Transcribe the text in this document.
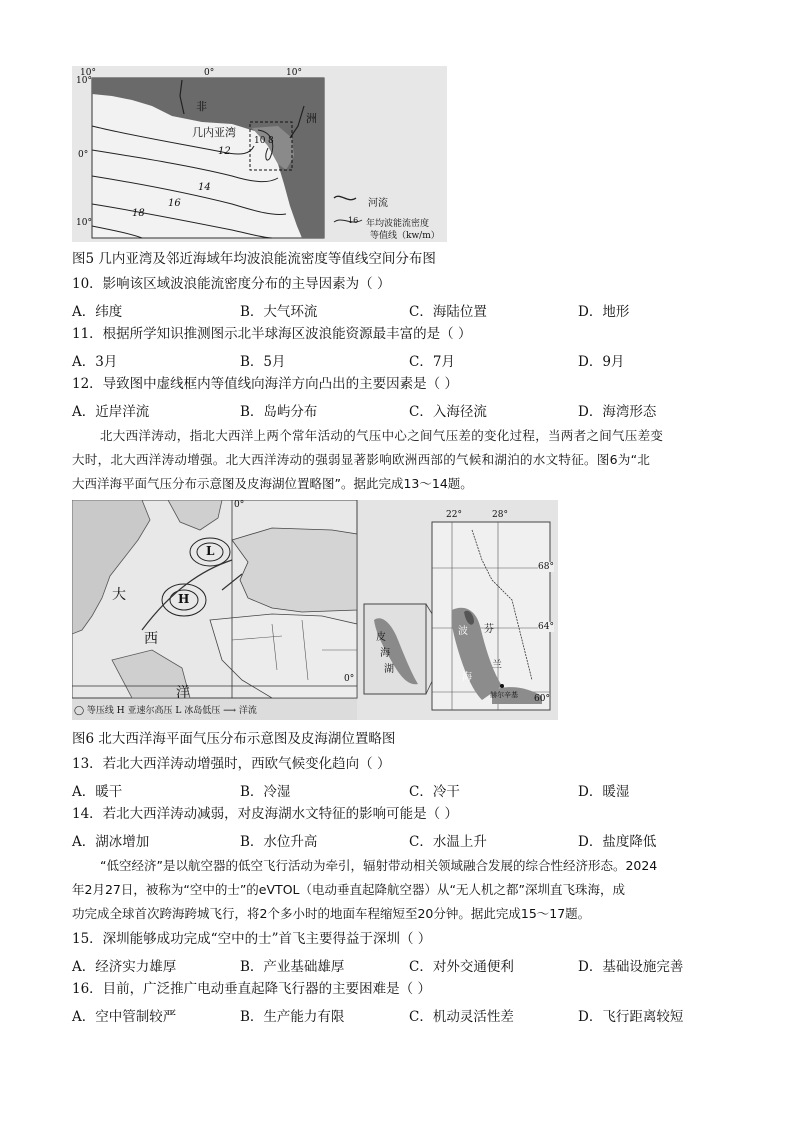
10°	0°	10°
10°
0°
10°
非
洲
几内亚湾
12
14
16
18
10 8
河流
16 年均波能流密度
等值线（kw/m）
图5 几内亚湾及邻近海域年均波浪能流密度等值线空间分布图
10．影响该区域波浪能流密度分布的主导因素为（ ）
A．纬度	B．大气环流	C．海陆位置	D．地形
11．根据所学知识推测图示北半球海区波浪能资源最丰富的是（ ）
A．3月	B．5月	C．7月	D．9月
12．导致图中虚线框内等值线向海洋方向凸出的主要因素是（ ）
A．近岸洋流	B．岛屿分布	C．入海径流	D．海湾形态
北大西洋涛动，指北大西洋上两个常年活动的气压中心之间气压差的变化过程，当两者之间气压差变
大时，北大西洋涛动增强。北大西洋涛动的强弱显著影响欧洲西部的气候和湖泊的水文特征。图6为“北
大西洋海平面气压分布示意图及皮海湖位置略图”。据此完成13～14题。
大
西
洋
H
L
0°
0°
22°	28°
68°
64°
60°
皮
海
湖
波 芬
兰
海
赫尔辛基
◯ 等压线 H 亚速尔高压 L 冰岛低压 ⟶ 洋流
图6 北大西洋海平面气压分布示意图及皮海湖位置略图
13．若北大西洋涛动增强时，西欧气候变化趋向（ ）
A．暖干	B．冷湿	C．冷干	D．暖湿
14．若北大西洋涛动减弱，对皮海湖水文特征的影响可能是（ ）
A．湖冰增加	B．水位升高	C．水温上升	D．盐度降低
“低空经济”是以航空器的低空飞行活动为牵引，辐射带动相关领域融合发展的综合性经济形态。2024
年2月27日，被称为“空中的士”的eVTOL（电动垂直起降航空器）从“无人机之都”深圳直飞珠海，成
功完成全球首次跨海跨城飞行，将2个多小时的地面车程缩短至20分钟。据此完成15～17题。
15．深圳能够成功完成“空中的士”首飞主要得益于深圳（ ）
A．经济实力雄厚	B．产业基础雄厚	C．对外交通便利	D．基础设施完善
16．目前，广泛推广电动垂直起降飞行器的主要困难是（ ）
A．空中管制较严	B．生产能力有限	C．机动灵活性差	D．飞行距离较短
